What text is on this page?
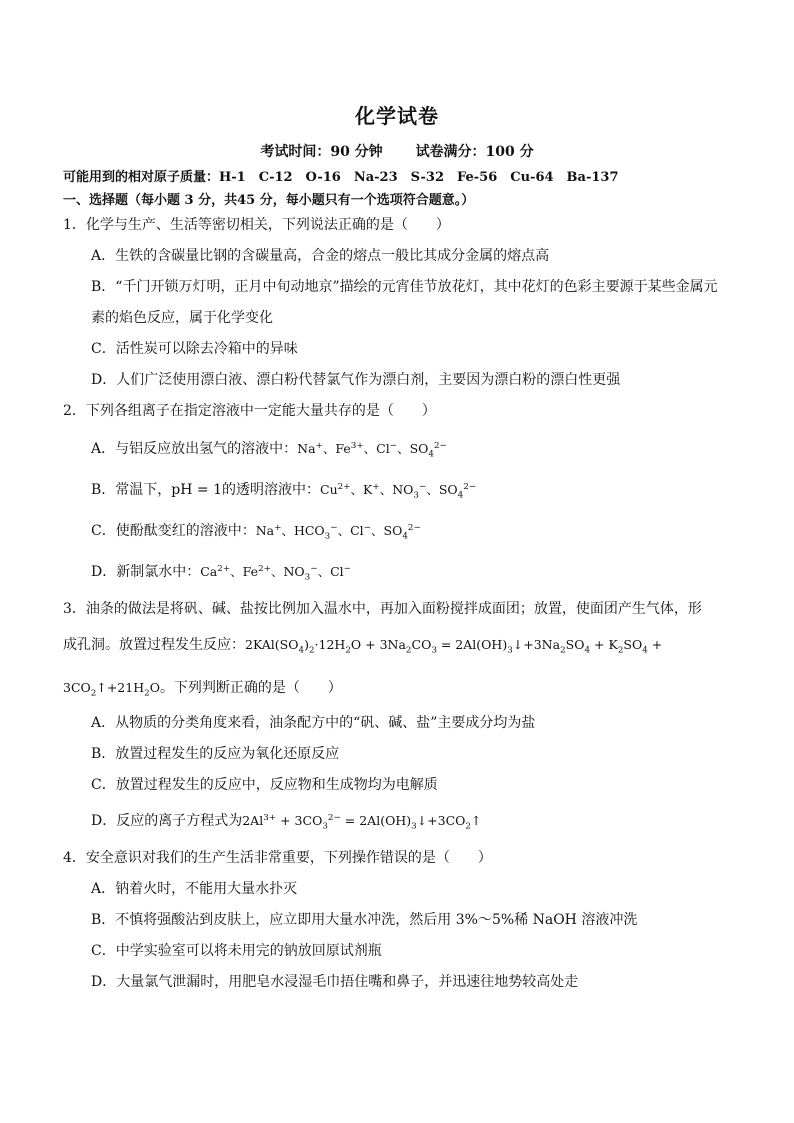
化学试卷
考试时间：90 分钟 试卷满分：100 分
可能用到的相对原子质量：H-1　C-12　O-16　Na-23　S-32　Fe-56　Cu-64　Ba-137
一、选择题（每小题 3 分，共45 分，每小题只有一个选项符合题意。）
1．化学与生产、生活等密切相关，下列说法正确的是（　　）
A．生铁的含碳量比钢的含碳量高，合金的熔点一般比其成分金属的熔点高
B．“千门开锁万灯明，正月中旬动地京”描绘的元宵佳节放花灯，其中花灯的色彩主要源于某些金属元
素的焰色反应，属于化学变化
C．活性炭可以除去冷箱中的异味
D．人们广泛使用漂白液、漂白粉代替氯气作为漂白剂，主要因为漂白粉的漂白性更强
2．下列各组离子在指定溶液中一定能大量共存的是（　　）
A．与铝反应放出氢气的溶液中：Na+、$Fe^{3+}$、Cl−、$SO_4^{2-}$
B．常温下，pH = 1的透明溶液中：$Cu^{2+}$、K+、$NO_3^-$、$SO_4^{2-}$
C．使酚酞变红的溶液中：Na+、$HCO_3^-$、Cl−、$SO_4^{2-}$
D．新制氯水中：$Ca^{2+}$、$Fe^{2+}$、$NO_3^-$、Cl−
3．油条的做法是将矾、碱、盐按比例加入温水中，再加入面粉搅拌成面团；放置，使面团产生气体，形
成孔洞。放置过程发生反应：$2KAl(SO_4)_2\cdot 12H_2O + 3Na_2CO_3$ = $2Al(OH)_3↓+3Na_2SO_4 + K_2SO_4$ +
$3CO_2↑+21H_2O$。下列判断正确的是（　　）
A．从物质的分类角度来看，油条配方中的“矾、碱、盐”主要成分均为盐
B．放置过程发生的反应为氧化还原反应
C．放置过程发生的反应中，反应物和生成物均为电解质
D．反应的离子方程式为$2Al^{3+} + 3CO_3^{2-}$ = $2Al(OH)_3↓+3CO_2↑$
4．安全意识对我们的生产生活非常重要，下列操作错误的是（　　）
A．钠着火时，不能用大量水扑灭
B．不慎将强酸沾到皮肤上，应立即用大量水冲洗，然后用 3%～5%稀 NaOH 溶液冲洗
C．中学实验室可以将未用完的钠放回原试剂瓶
D．大量氯气泄漏时，用肥皂水浸湿毛巾捂住嘴和鼻子，并迅速往地势较高处走
